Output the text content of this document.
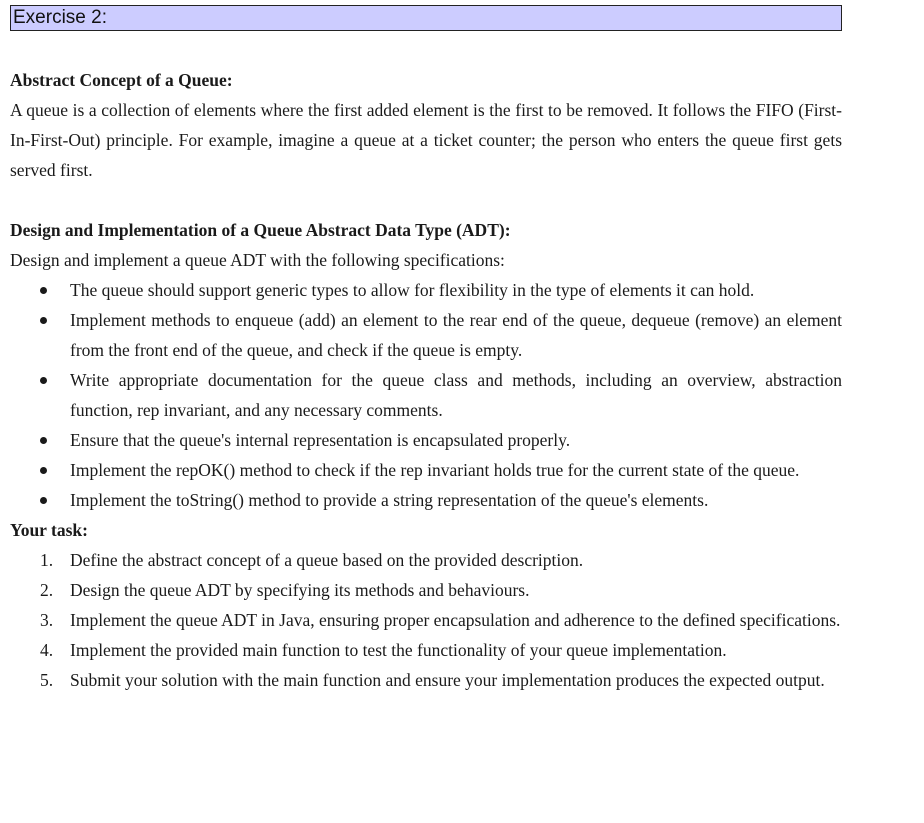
Exercise 2:
Abstract Concept of a Queue:

A queue is a collection of elements where the first added element is the first to be removed. It follows the FIFO (First-In-First-Out) principle. For example, imagine a queue at a ticket counter; the person who enters the queue first gets served first.

Design and Implementation of a Queue Abstract Data Type (ADT):

Design and implement a queue ADT with the following specifications:

The queue should support generic types to allow for flexibility in the type of elements it can hold.
Implement methods to enqueue (add) an element to the rear end of the queue, dequeue (remove) an element from the front end of the queue, and check if the queue is empty.
Write appropriate documentation for the queue class and methods, including an overview, abstraction function, rep invariant, and any necessary comments.
Ensure that the queue's internal representation is encapsulated properly.
Implement the repOK() method to check if the rep invariant holds true for the current state of the queue.
Implement the toString() method to provide a string representation of the queue's elements.
Your task:
1. Define the abstract concept of a queue based on the provided description.
2. Design the queue ADT by specifying its methods and behaviours.
3. Implement the queue ADT in Java, ensuring proper encapsulation and adherence to the defined specifications.
4. Implement the provided main function to test the functionality of your queue implementation.
5. Submit your solution with the main function and ensure your implementation produces the expected output.
